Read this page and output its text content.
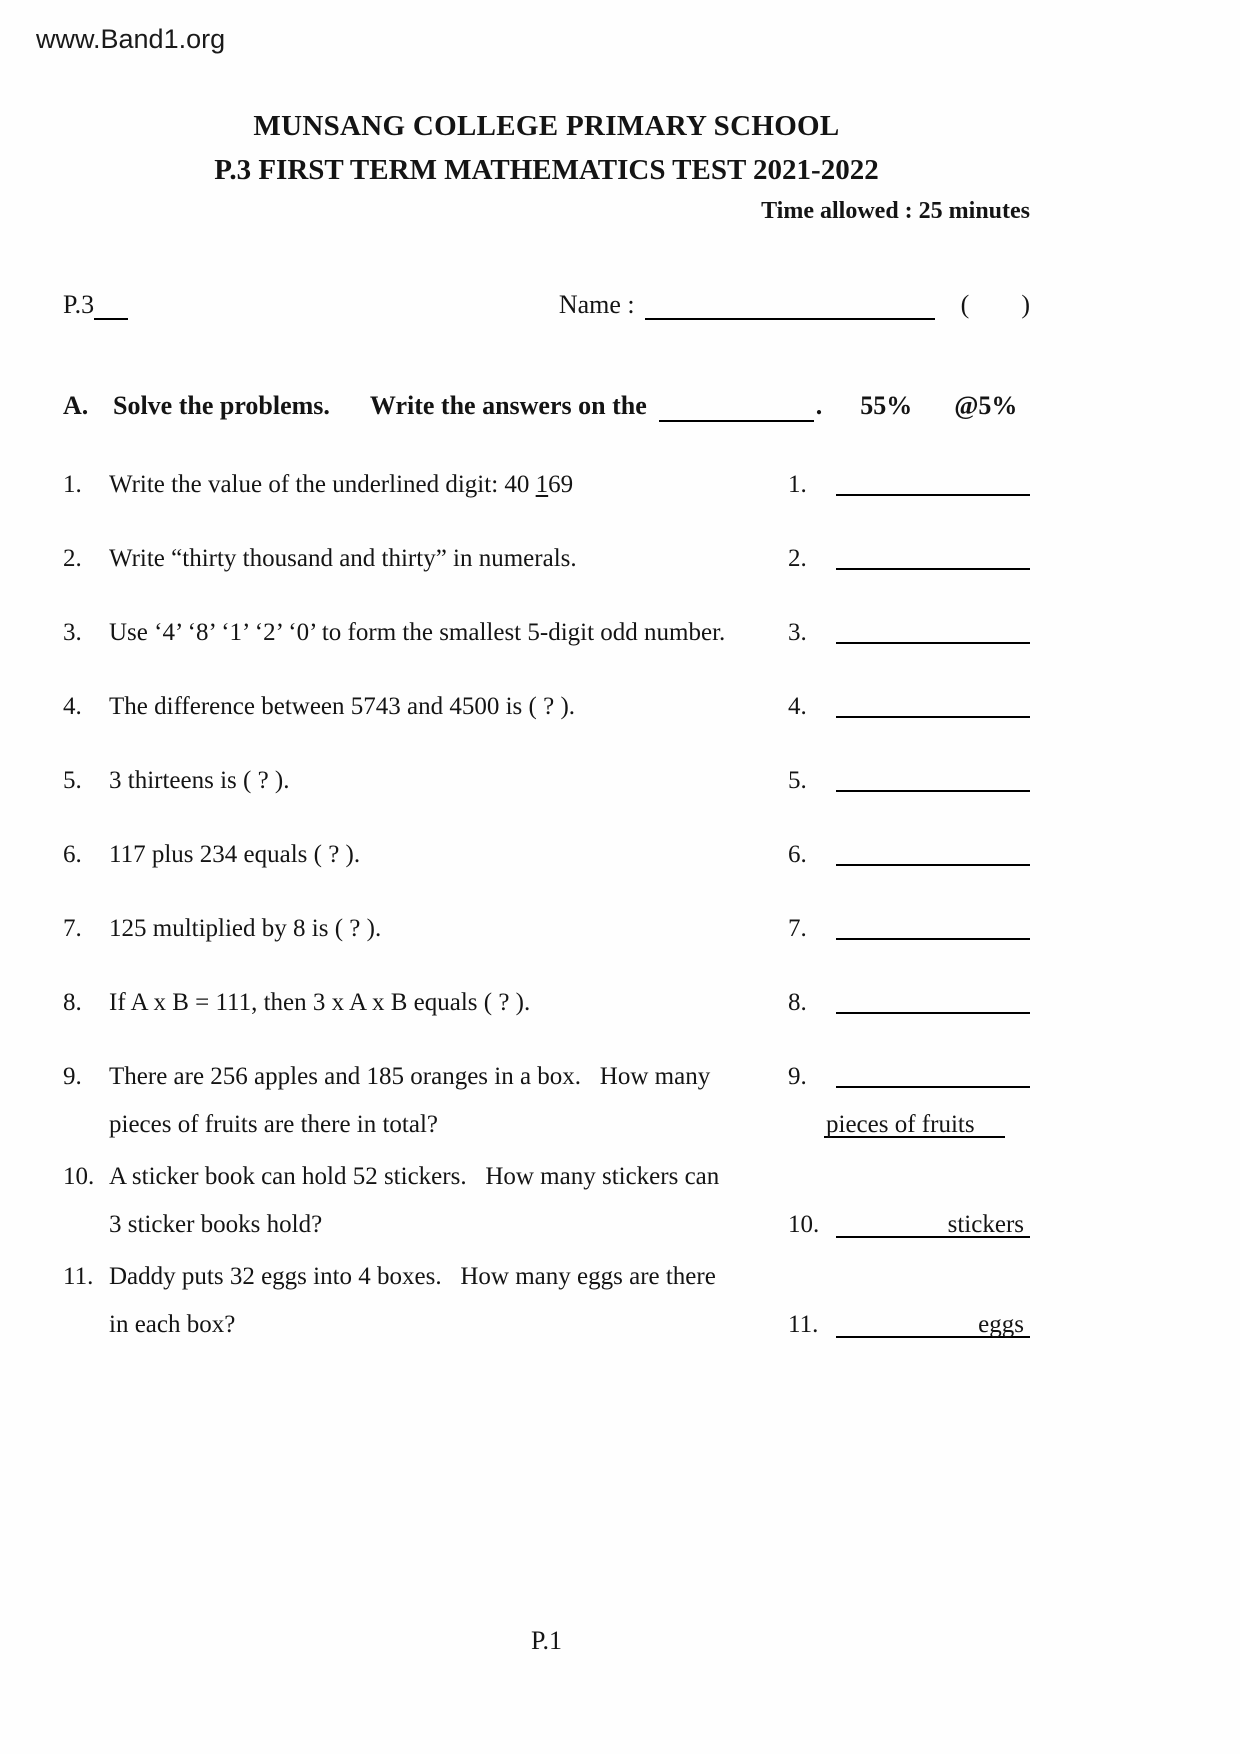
www.Band1.org
MUNSANG COLLEGE PRIMARY SCHOOL
P.3 FIRST TERM MATHEMATICS TEST 2021-2022
Time allowed : 25 minutes
P.3	Name :	( )
A. Solve the problems. Write the answers on the	. 55% @5%
1.	Write the value of the underlined digit: 40 169	1.
2.	Write “thirty thousand and thirty” in numerals.	2.
3.	Use ‘4’ ‘8’ ‘1’ ‘2’ ‘0’ to form the smallest 5-digit odd number.	3.
4.	The difference between 5743 and 4500 is ( ? ).	4.
5.	3 thirteens is ( ? ).	5.
6.	117 plus 234 equals ( ? ).	6.
7.	125 multiplied by 8 is ( ? ).	7.
8.	If A x B = 111, then 3 x A x B equals ( ? ).	8.
9.	There are 256 apples and 185 oranges in a box.   How many
pieces of fruits are there in total?
9.
pieces of fruits
10. A sticker book can hold 52 stickers.   How many stickers can
3 sticker books hold?	10.	stickers
11. Daddy puts 32 eggs into 4 boxes.   How many eggs are there
in each box?	11.	eggs
P.1
